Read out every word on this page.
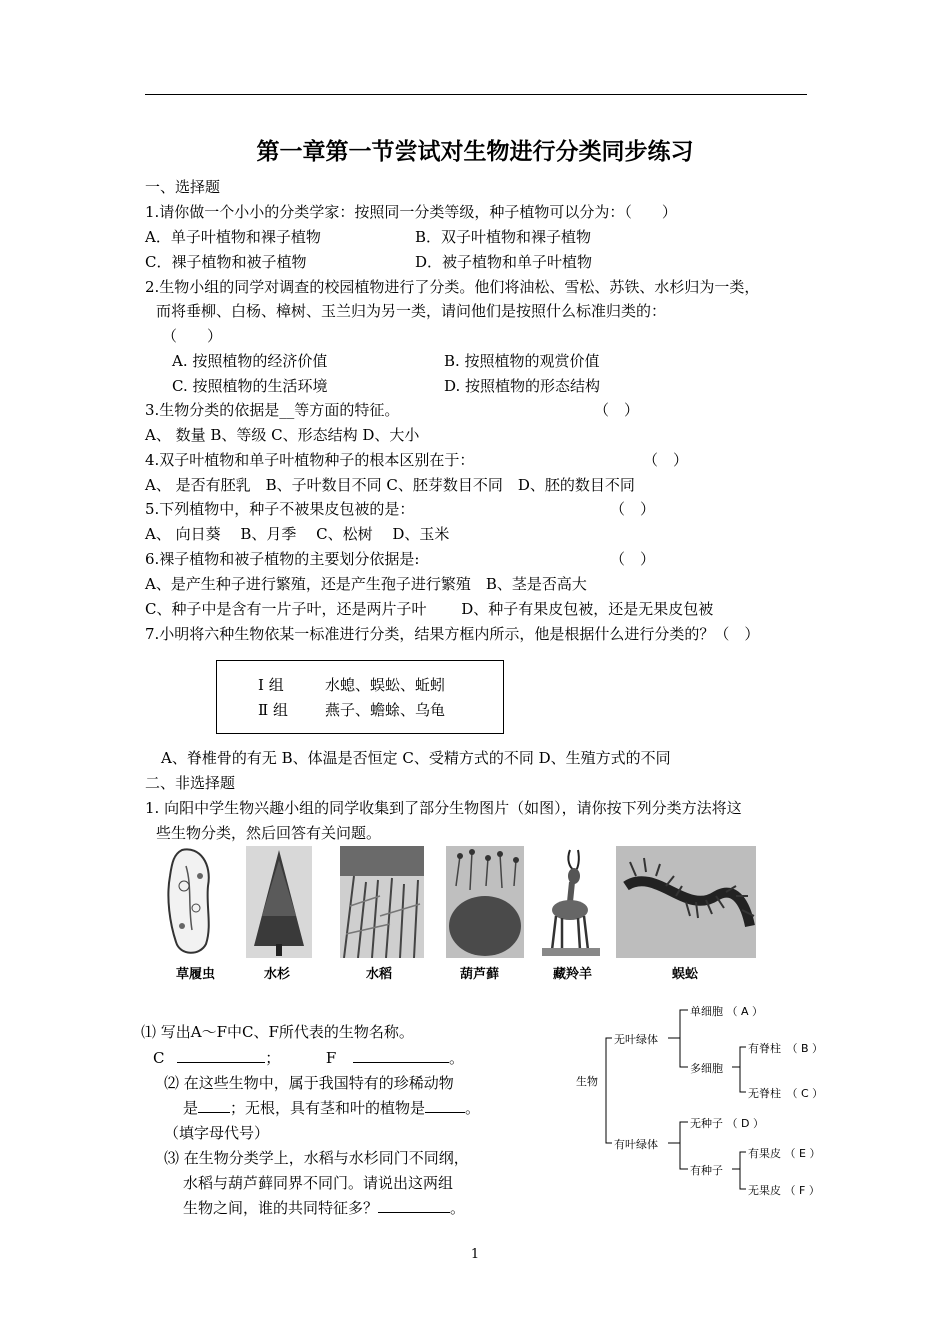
第一章第一节尝试对生物进行分类同步练习
一、选择题
1.请你做一个小小的分类学家：按照同一分类等级，种子植物可以分为：（　　）
A．单子叶植物和裸子植物	B．双子叶植物和裸子植物
C．裸子植物和被子植物	D．被子植物和单子叶植物
2.生物小组的同学对调查的校园植物进行了分类。他们将油松、雪松、苏铁、水杉归为一类，
而将垂柳、白杨、樟树、玉兰归为另一类，请问他们是按照什么标准归类的：
（　　）
A. 按照植物的经济价值	B. 按照植物的观赏价值
C. 按照植物的生活环境	D. 按照植物的形态结构
3.生物分类的依据是__等方面的特征。	（　）
A、 数量 B、等级 C、形态结构 D、大小
4.双子叶植物和单子叶植物种子的根本区别在于：	（　）
A、 是否有胚乳　B、子叶数目不同 C、胚芽数目不同　D、胚的数目不同
5.下列植物中，种子不被果皮包被的是：	（　）
A、 向日葵　 B、月季　 C、松树　 D、玉米
6.裸子植物和被子植物的主要划分依据是:	（　）
A、是产生种子进行繁殖，还是产生孢子进行繁殖　B、茎是否高大
C、种子中是含有一片子叶，还是两片子叶　　 D、种子有果皮包被，还是无果皮包被
7.小明将六种生物依某一标准进行分类，结果方框内所示，他是根据什么进行分类的？（　）
Ⅰ 组	水螅、蜈蚣、蚯蚓
Ⅱ 组 燕子、蟾蜍、乌龟
A、脊椎骨的有无 B、体温是否恒定 C、受精方式的不同 D、生殖方式的不同
二、非选择题
1. 向阳中学生物兴趣小组的同学收集到了部分生物图片（如图），请你按下列分类方法将这
些生物分类，然后回答有关问题。
草履虫	水杉	水稻	葫芦藓	藏羚羊	蜈蚣
⑴ 写出A～F中C、F所代表的生物名称。
C	；	F	。
⑵ 在这些生物中，属于我国特有的珍稀动物
是 ；无根，具有茎和叶的植物是	。
（填字母代号）
⑶ 在生物分类学上，水稻与水杉同门不同纲，
水稻与葫芦藓同界不同门。请说出这两组
生物之间，谁的共同特征多？	。
生物
无叶绿体
有叶绿体
单细胞 （ A ）
多细胞
有脊柱　（ B ）
无脊柱　（ C ）
无种子 （ D ）
有种子
有果皮 （ E ）
无果皮 （ F ）
1
